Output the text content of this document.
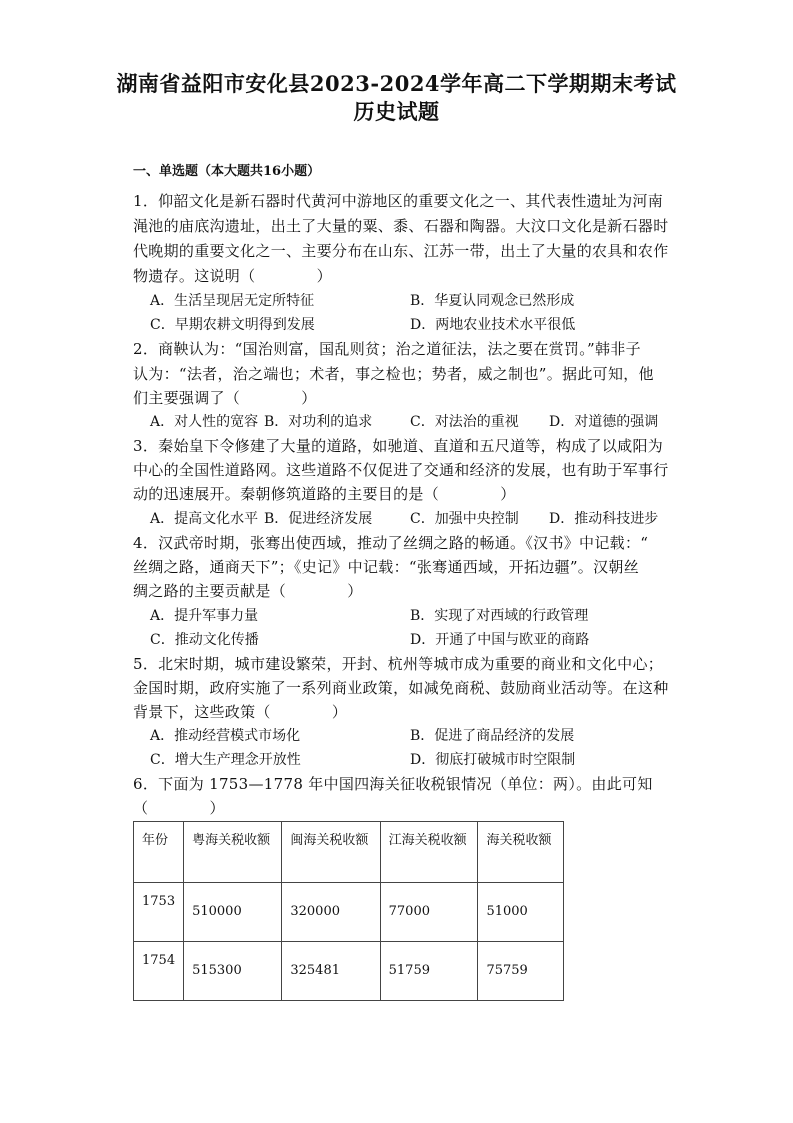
湖南省益阳市安化县2023-2024学年高二下学期期末考试
历史试题
一、单选题（本大题共16小题）
1．仰韶文化是新石器时代黄河中游地区的重要文化之一、其代表性遗址为河南
渑池的庙底沟遗址，出土了大量的粟、黍、石器和陶器。大汶口文化是新石器时
代晚期的重要文化之一、主要分布在山东、江苏一带，出土了大量的农具和农作
物遗存。这说明（　　　　）
A．生活呈现居无定所特征	B．华夏认同观念已然形成
C．早期农耕文明得到发展	D．两地农业技术水平很低
2．商鞅认为：“国治则富，国乱则贫；治之道征法，法之要在赏罚。”韩非子
认为：“法者，治之端也；术者，事之检也；势者，威之制也”。据此可知，他
们主要强调了（　　　　）
A．对人性的宽容 B．对功利的追求	C．对法治的重视 D．对道德的强调
3．秦始皇下令修建了大量的道路，如驰道、直道和五尺道等，构成了以咸阳为
中心的全国性道路网。这些道路不仅促进了交通和经济的发展，也有助于军事行
动的迅速展开。秦朝修筑道路的主要目的是（　　　　）
A．提高文化水平 B．促进经济发展	C．加强中央控制 D．推动科技进步
4．汉武帝时期，张骞出使西域，推动了丝绸之路的畅通。《汉书》中记载：“
丝绸之路，通商天下”；《史记》中记载：“张骞通西域，开拓边疆”。汉朝丝
绸之路的主要贡献是（　　　　）
A．提升军事力量	B．实现了对西域的行政管理
C．推动文化传播	D．开通了中国与欧亚的商路
5．北宋时期，城市建设繁荣，开封、杭州等城市成为重要的商业和文化中心；
金国时期，政府实施了一系列商业政策，如减免商税、鼓励商业活动等。在这种
背景下，这些政策（　　　　）
A．推动经营模式市场化	B．促进了商品经济的发展
C．增大生产理念开放性	D．彻底打破城市时空限制
6．下面为 1753—1778 年中国四海关征收税银情况（单位：两）。由此可知
（　　　　）
年份	粤海关税收额	闽海关税收额	江海关税收额	海关税收额
1753	510000	320000	77000	51000
1754	515300	325481	51759	75759
